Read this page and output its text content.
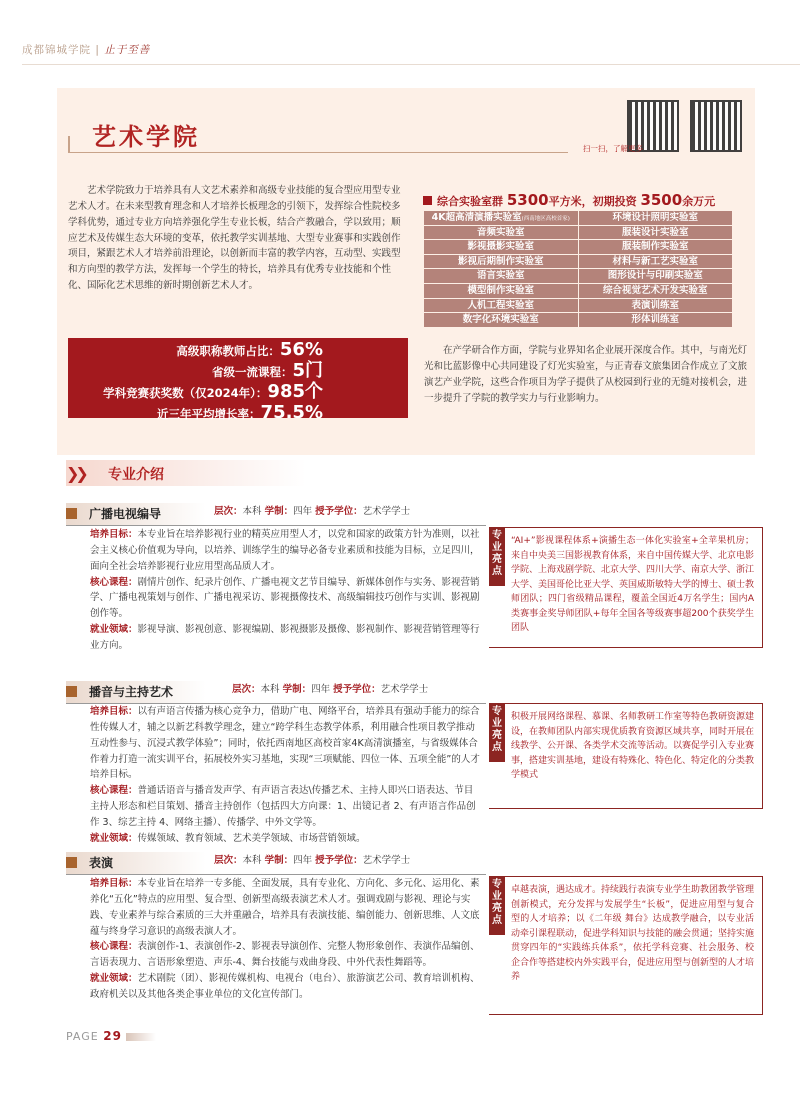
成都锦城学院 | 止于至善
艺术学院	扫一扫，了解更多
艺术学院致力于培养具有人文艺术素养和高级专业技能的复合型应用型专业艺术人才。在未来型教育理念和人才培养长板理念的引领下，发挥综合性院校多学科优势，通过专业方向培养强化学生专业长板，结合产教融合，学以致用；顺应艺术及传媒生态大环境的变革，依托教学实训基地、大型专业赛事和实践创作项目，紧跟艺术人才培养前沿理论，以创新而丰富的教学内容，互动型、实践型和方向型的教学方法，发挥每一个学生的特长，培养具有优秀专业技能和个性化、国际化艺术思维的新时期创新艺术人才。
高级职称教师占比：56%
省级一流课程：5门
学科竞赛获奖数（仅2024年）：985个
近三年平均增长率：75.5%
综合实验室群 5300平方米，初期投资 3500余万元
4K超高清演播实验室(西南地区高校首家)	环境设计照明实验室
音频实验室	服装设计实验室
影视摄影实验室	服装制作实验室
影视后期制作实验室	材料与新工艺实验室
语言实验室	图形设计与印刷实验室
模型制作实验室	综合视觉艺术开发实验室
人机工程实验室	表演训练室
数字化环境实验室	形体训练室
在产学研合作方面，学院与业界知名企业展开深度合作。其中，与南光灯光和比蓝影像中心共同建设了灯光实验室，与正青春文旅集团合作成立了文旅演艺产业学院，这些合作项目为学子提供了从校园到行业的无缝对接机会，进一步提升了学院的教学实力与行业影响力。
❯❯ 专业介绍
广播电视编导	层次：本科 学制：四年 授予学位：艺术学学士

培养目标：本专业旨在培养影视行业的精英应用型人才，以党和国家的政策方针为准则，以社会主义核心价值观为导向，以培养、训练学生的编导必备专业素质和技能为目标，立足四川，面向全社会培养影视行业应用型高品质人才。

核心课程：剧情片创作、纪录片创作、广播电视文艺节目编导、新媒体创作与实务、影视营销学、广播电视策划与创作、广播电视采访、影视摄像技术、高级编辑技巧创作与实训、影视剧创作等。

就业领域：影视导演、影视创意、影视编剧、影视摄影及摄像、影视制作、影视营销管理等行业方向。

专
业
亮
点
“AI+”影视课程体系+演播生态一体化实验室+全苹果机房；来自中央美三国影视教育体系，来自中国传媒大学、北京电影学院、上海戏剧学院、北京大学、四川大学、南京大学、浙江大学、美国哥伦比亚大学、英国威斯敏特大学的博士、硕士教师团队；四门省级精品课程，覆盖全国近4万名学生；国内A类赛事金奖导师团队+每年全国各等级赛事超200个获奖学生团队
播音与主持艺术	层次：本科 学制：四年 授予学位：艺术学学士

培养目标：以有声语言传播为核心竞争力，借助广电、网络平台，培养具有强动手能力的综合性传媒人才，辅之以新艺科教学理念，建立“跨学科生态教学体系，利用融合性项目教学推动互动性参与、沉浸式教学体验”；同时，依托西南地区高校首家4K高清演播室，与省级媒体合作着力打造一流实训平台，拓展校外实习基地，实现“三项赋能、四位一体、五项全能”的人才培养目标。

核心课程：普通话语音与播音发声学、有声语言表达\传播艺术、主持人即兴口语表达、节目主持人形态和栏目策划、播音主持创作（包括四大方向课：1、出镜记者 2、有声语言作品创作 3、综艺主持 4、网络主播）、传播学、中外文学等。

就业领域：传媒领域、教育领域、艺术美学领域、市场营销领域。

专
业
亮
点
积极开展网络课程、慕课、名师教研工作室等特色教研资源建设，在教师团队内部实现优质教育资源区域共享，同时开展在线教学、公开课、各类学术交流等活动。以赛促学引入专业赛事，搭建实训基地，建设有特殊化、特色化、特定化的分类教学模式
表演	层次：本科 学制：四年 授予学位：艺术学学士

培养目标：本专业旨在培养一专多能、全面发展，具有专业化、方向化、多元化、运用化、素养化“五化”特点的应用型、复合型、创新型高级表演艺术人才。强调戏剧与影视、理论与实践、专业素养与综合素质的三大并重融合，培养具有表演技能、编创能力、创新思维、人文底蕴与终身学习意识的高级表演人才。

核心课程：表演创作-1、表演创作-2、影视表导演创作、完整人物形象创作、表演作品编创、言语表现力、言语形象塑造、声乐-4、舞台技能与戏曲身段、中外代表性舞蹈等。

就业领域：艺术剧院（团）、影视传媒机构、电视台（电台）、旅游演艺公司、教育培训机构、政府机关以及其他各类企事业单位的文化宣传部门。

专
业
亮
点
卓越表演，遇达成才。持续践行表演专业学生助教团教学管理创新模式，充分发挥与发展学生“长板”，促进应用型与复合型的人才培养；以《二年级 舞台》达成教学融合，以专业活动牵引课程联动，促进学科知识与技能的融会贯通；坚持实施贯穿四年的“实践练兵体系”，依托学科竞赛、社会服务、校企合作等搭建校内外实践平台，促进应用型与创新型的人才培养
PAGE 29
